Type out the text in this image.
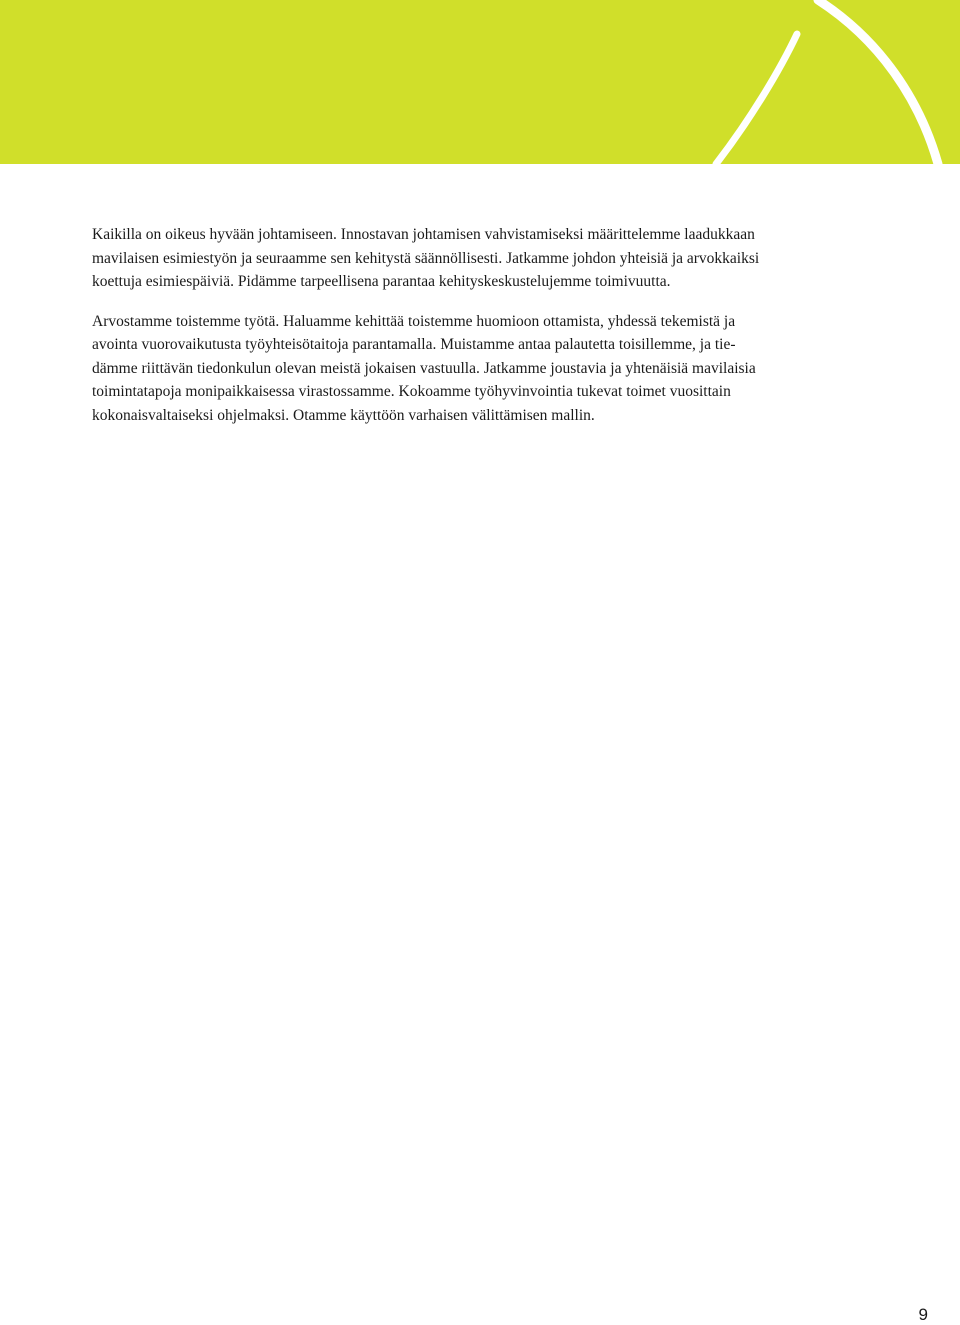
Kaikilla on oikeus hyvään johtamiseen. Innostavan johtamisen vahvistamiseksi määrittelemme laadukkaan
mavilaisen esimiestyön ja seuraamme sen kehitystä säännöllisesti. Jatkamme johdon yhteisiä ja arvokkaiksi
koettuja esimiespäiviä. Pidämme tarpeellisena parantaa kehityskeskustelujemme toimivuutta.

Arvostamme toistemme työtä. Haluamme kehittää toistemme huomioon ottamista, yhdessä tekemistä ja
avointa vuorovaikutusta työyhteisötaitoja parantamalla. Muistamme antaa palautetta toisillemme, ja tie-
dämme riittävän tiedonkulun olevan meistä jokaisen vastuulla. Jatkamme joustavia ja yhtenäisiä mavilaisia
toimintatapoja monipaikkaisessa virastossamme. Kokoamme työhyvinvointia tukevat toimet vuosittain
kokonaisvaltaiseksi ohjelmaksi. Otamme käyttöön varhaisen välittämisen mallin.

9
